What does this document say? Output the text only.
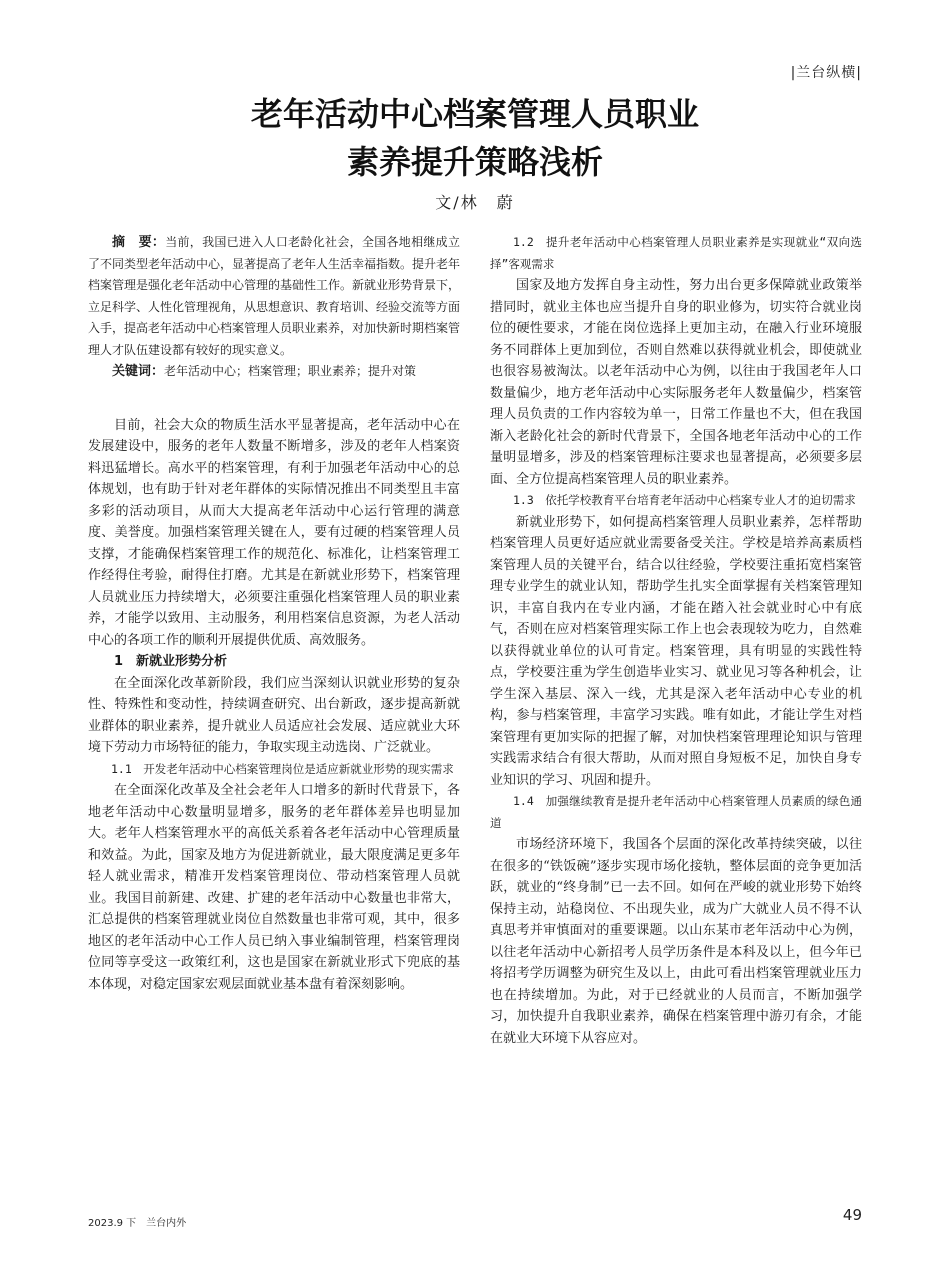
|兰台纵横|
老年活动中心档案管理人员职业
素养提升策略浅析
文/林　蔚

摘　要：当前，我国已进入人口老龄化社会，全国各地相继成立了不同类型老年活动中心，显著提高了老年人生活幸福指数。提升老年档案管理是强化老年活动中心管理的基础性工作。新就业形势背景下，立足科学、人性化管理视角，从思想意识、教育培训、经验交流等方面入手，提高老年活动中心档案管理人员职业素养，对加快新时期档案管理人才队伍建设都有较好的现实意义。

关键词：老年活动中心；档案管理；职业素养；提升对策

目前，社会大众的物质生活水平显著提高，老年活动中心在发展建设中，服务的老年人数量不断增多，涉及的老年人档案资料迅猛增长。高水平的档案管理，有利于加强老年活动中心的总体规划，也有助于针对老年群体的实际情况推出不同类型且丰富多彩的活动项目，从而大大提高老年活动中心运行管理的满意度、美誉度。加强档案管理关键在人，要有过硬的档案管理人员支撑，才能确保档案管理工作的规范化、标准化，让档案管理工作经得住考验，耐得住打磨。尤其是在新就业形势下，档案管理人员就业压力持续增大，必须要注重强化档案管理人员的职业素养，才能学以致用、主动服务，利用档案信息资源，为老人活动中心的各项工作的顺利开展提供优质、高效服务。

1　新就业形势分析

在全面深化改革新阶段，我们应当深刻认识就业形势的复杂性、特殊性和变动性，持续调查研究、出台新政，逐步提高新就业群体的职业素养，提升就业人员适应社会发展、适应就业大环境下劳动力市场特征的能力，争取实现主动选岗、广泛就业。

1.1　开发老年活动中心档案管理岗位是适应新就业形势的现实需求

在全面深化改革及全社会老年人口增多的新时代背景下，各地老年活动中心数量明显增多，服务的老年群体差异也明显加大。老年人档案管理水平的高低关系着各老年活动中心管理质量和效益。为此，国家及地方为促进新就业，最大限度满足更多年轻人就业需求，精准开发档案管理岗位、带动档案管理人员就业。我国目前新建、改建、扩建的老年活动中心数量也非常大，汇总提供的档案管理就业岗位自然数量也非常可观，其中，很多地区的老年活动中心工作人员已纳入事业编制管理，档案管理岗位同等享受这一政策红利，这也是国家在新就业形式下兜底的基本体现，对稳定国家宏观层面就业基本盘有着深刻影响。

1.2　提升老年活动中心档案管理人员职业素养是实现就业“双向选择”客观需求

国家及地方发挥自身主动性，努力出台更多保障就业政策举措同时，就业主体也应当提升自身的职业修为，切实符合就业岗位的硬性要求，才能在岗位选择上更加主动，在融入行业环境服务不同群体上更加到位，否则自然难以获得就业机会，即使就业也很容易被淘汰。以老年活动中心为例，以往由于我国老年人口数量偏少，地方老年活动中心实际服务老年人数量偏少，档案管理人员负责的工作内容较为单一，日常工作量也不大，但在我国渐入老龄化社会的新时代背景下，全国各地老年活动中心的工作量明显增多，涉及的档案管理标注要求也显著提高，必须要多层面、全方位提高档案管理人员的职业素养。

1.3　依托学校教育平台培育老年活动中心档案专业人才的迫切需求

新就业形势下，如何提高档案管理人员职业素养，怎样帮助档案管理人员更好适应就业需要备受关注。学校是培养高素质档案管理人员的关键平台，结合以往经验，学校要注重拓宽档案管理专业学生的就业认知，帮助学生扎实全面掌握有关档案管理知识，丰富自我内在专业内涵，才能在踏入社会就业时心中有底气，否则在应对档案管理实际工作上也会表现较为吃力，自然难以获得就业单位的认可肯定。档案管理，具有明显的实践性特点，学校要注重为学生创造毕业实习、就业见习等各种机会，让学生深入基层、深入一线，尤其是深入老年活动中心专业的机构，参与档案管理，丰富学习实践。唯有如此，才能让学生对档案管理有更加实际的把握了解，对加快档案管理理论知识与管理实践需求结合有很大帮助，从而对照自身短板不足，加快自身专业知识的学习、巩固和提升。

1.4　加强继续教育是提升老年活动中心档案管理人员素质的绿色通道

市场经济环境下，我国各个层面的深化改革持续突破，以往在很多的“铁饭碗”逐步实现市场化接轨，整体层面的竞争更加活跃，就业的“终身制”已一去不回。如何在严峻的就业形势下始终保持主动，站稳岗位、不出现失业，成为广大就业人员不得不认真思考并审慎面对的重要课题。以山东某市老年活动中心为例，以往老年活动中心新招考人员学历条件是本科及以上，但今年已将招考学历调整为研究生及以上，由此可看出档案管理就业压力也在持续增加。为此，对于已经就业的人员而言，不断加强学习，加快提升自我职业素养，确保在档案管理中游刃有余，才能在就业大环境下从容应对。

2023.9 下　兰台内外	49
